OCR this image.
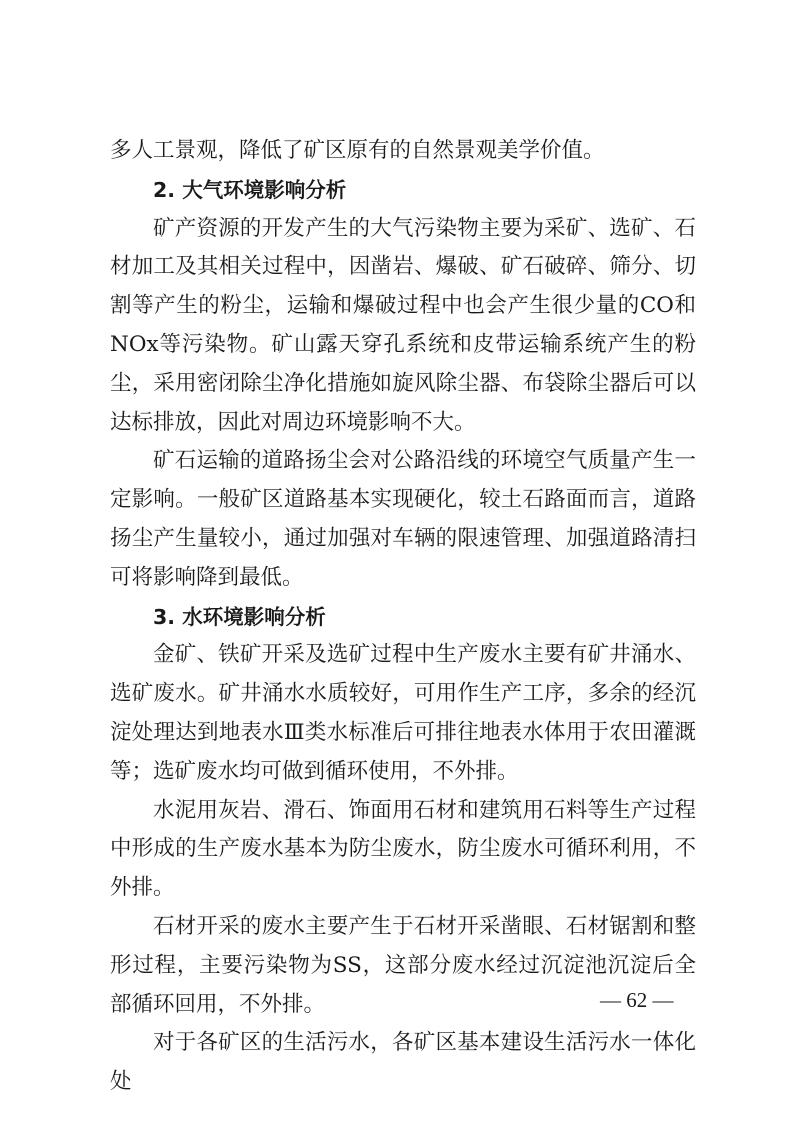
多人工景观，降低了矿区原有的自然景观美学价值。

2. 大气环境影响分析

矿产资源的开发产生的大气污染物主要为采矿、选矿、石材加工及其相关过程中，因凿岩、爆破、矿石破碎、筛分、切割等产生的粉尘，运输和爆破过程中也会产生很少量的CO和NOx等污染物。矿山露天穿孔系统和皮带运输系统产生的粉尘，采用密闭除尘净化措施如旋风除尘器、布袋除尘器后可以达标排放，因此对周边环境影响不大。

矿石运输的道路扬尘会对公路沿线的环境空气质量产生一定影响。一般矿区道路基本实现硬化，较土石路面而言，道路扬尘产生量较小，通过加强对车辆的限速管理、加强道路清扫可将影响降到最低。

3. 水环境影响分析

金矿、铁矿开采及选矿过程中生产废水主要有矿井涌水、选矿废水。矿井涌水水质较好，可用作生产工序，多余的经沉淀处理达到地表水Ⅲ类水标准后可排往地表水体用于农田灌溉等；选矿废水均可做到循环使用，不外排。

水泥用灰岩、滑石、饰面用石材和建筑用石料等生产过程中形成的生产废水基本为防尘废水，防尘废水可循环利用，不外排。

石材开采的废水主要产生于石材开采凿眼、石材锯割和整形过程，主要污染物为SS，这部分废水经过沉淀池沉淀后全部循环回用，不外排。

对于各矿区的生活污水，各矿区基本建设生活污水一体化处

— 62 —
